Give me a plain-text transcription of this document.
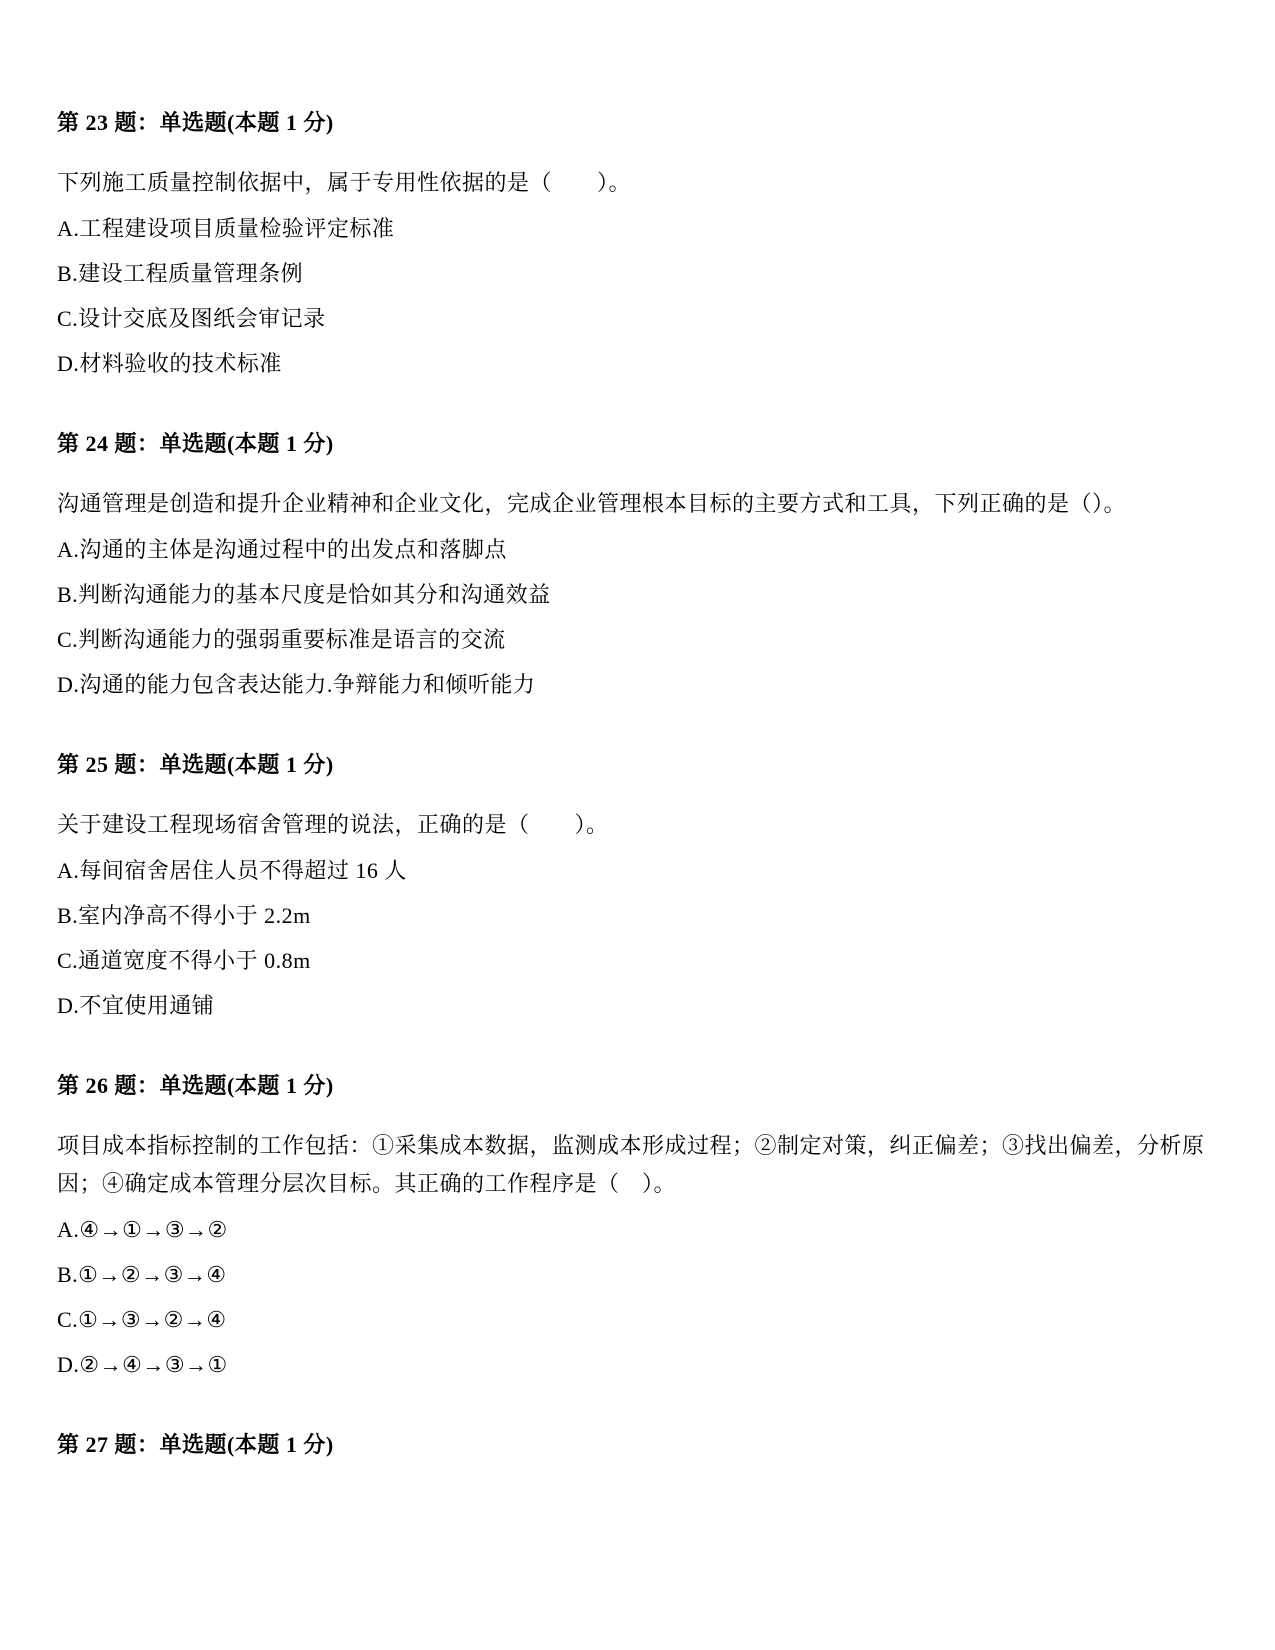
第 23 题：单选题(本题 1 分)
下列施工质量控制依据中，属于专用性依据的是（　　）。
A.工程建设项目质量检验评定标准
B.建设工程质量管理条例
C.设计交底及图纸会审记录
D.材料验收的技术标准
第 24 题：单选题(本题 1 分)
沟通管理是创造和提升企业精神和企业文化，完成企业管理根本目标的主要方式和工具，下列正确的是（）。
A.沟通的主体是沟通过程中的出发点和落脚点
B.判断沟通能力的基本尺度是恰如其分和沟通效益
C.判断沟通能力的强弱重要标准是语言的交流
D.沟通的能力包含表达能力.争辩能力和倾听能力
第 25 题：单选题(本题 1 分)
关于建设工程现场宿舍管理的说法，正确的是（　　）。
A.每间宿舍居住人员不得超过 16 人
B.室内净高不得小于 2.2m
C.通道宽度不得小于 0.8m
D.不宜使用通铺
第 26 题：单选题(本题 1 分)
项目成本指标控制的工作包括：①采集成本数据，监测成本形成过程；②制定对策，纠正偏差；③找出偏差，分析原因；④确定成本管理分层次目标。其正确的工作程序是（　）。
A.④→①→③→②
B.①→②→③→④
C.①→③→②→④
D.②→④→③→①
第 27 题：单选题(本题 1 分)
